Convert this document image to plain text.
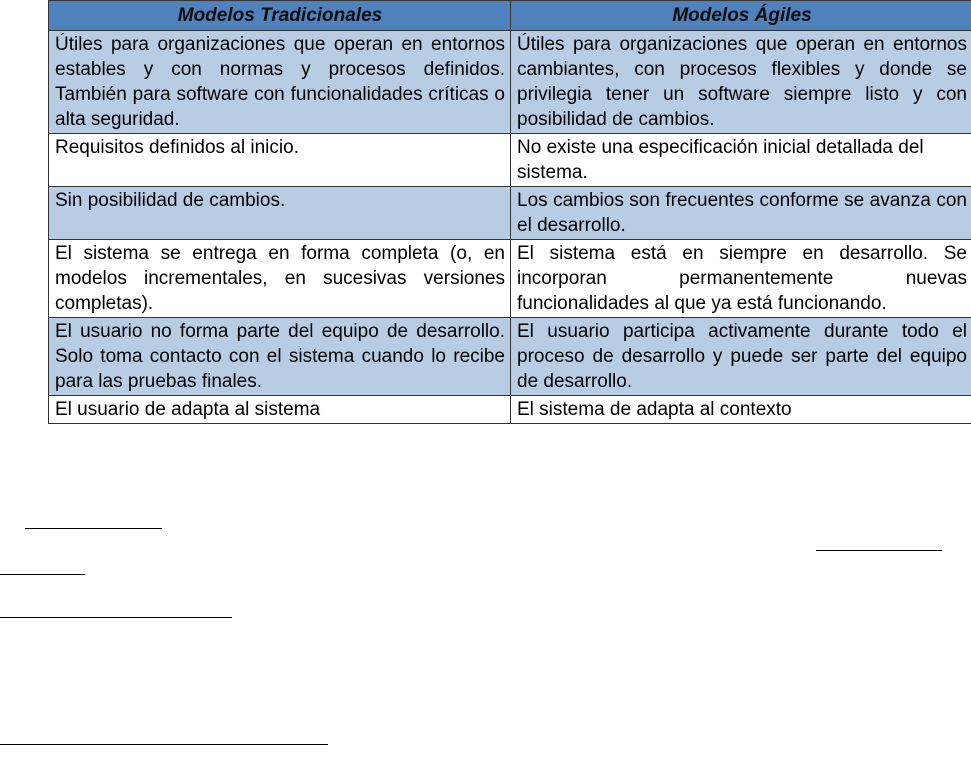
Modelos Tradicionales	Modelos Ágiles
Útiles para organizaciones que operan en entornos estables y con normas y procesos definidos. También para software con funcionalidades críticas o alta seguridad.	Útiles para organizaciones que operan en entornos cambiantes, con procesos flexibles y donde se privilegia tener un software siempre listo y con posibilidad de cambios.
Requisitos definidos al inicio.	No existe una especificación inicial detallada del sistema.
Sin posibilidad de cambios.	Los cambios son frecuentes conforme se avanza con el desarrollo.
El sistema se entrega en forma completa (o, en modelos incrementales, en sucesivas versiones completas).	El sistema está en siempre en desarrollo. Se incorporan permanentemente nuevas funcionalidades al que ya está funcionando.
El usuario no forma parte del equipo de desarrollo. Solo toma contacto con el sistema cuando lo recibe para las pruebas finales.	El usuario participa activamente durante todo el proceso de desarrollo y puede ser parte del equipo de desarrollo.
El usuario de adapta al sistema	El sistema de adapta al contexto
